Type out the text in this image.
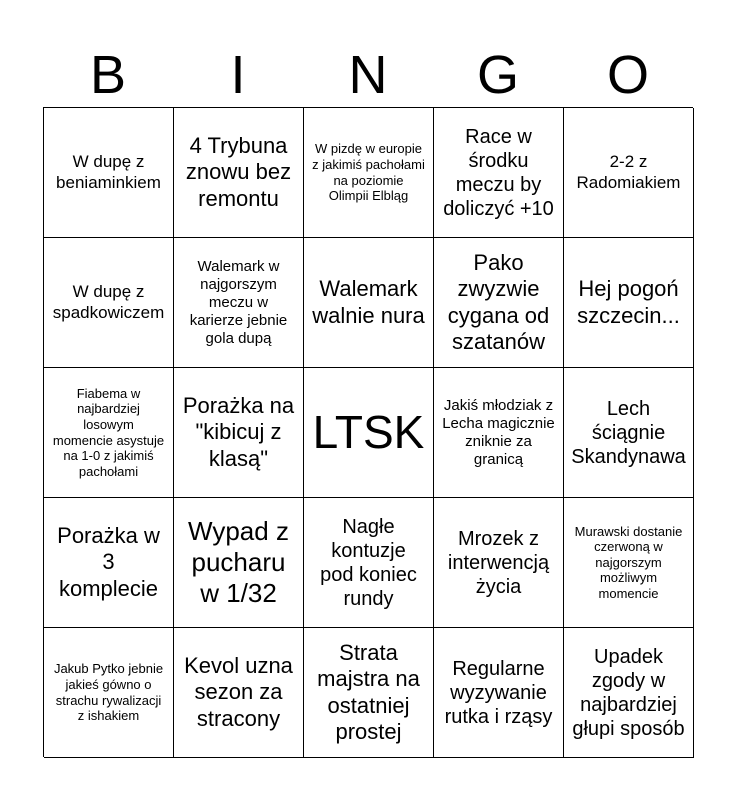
B	I	N	G	O
W dupę z beniaminkiem
4 Trybuna znowu bez remontu
W pizdę w europie z jakimiś pachołami na poziomie Olimpii Elbląg
Race w środku meczu by doliczyć +10
2-2 z Radomiakiem
W dupę z spadkowiczem
Walemark w najgorszym meczu w karierze jebnie gola dupą
Walemark walnie nura
Pako zwyzwie cygana od szatanów
Hej pogoń szczecin...
Fiabema w najbardziej losowym momencie asystuje na 1-0 z jakimiś pachołami
Porażka na "kibicuj z klasą"
LTSK
Jakiś młodziak z Lecha magicznie zniknie za granicą
Lech ściągnie Skandynawa
Porażka w 3 komplecie
Wypad z pucharu w 1/32
Nagłe kontuzje pod koniec rundy
Mrozek z interwencją życia
Murawski dostanie czerwoną w najgorszym możliwym momencie
Jakub Pytko jebnie jakieś gówno o strachu rywalizacji z ishakiem
Kevol uzna sezon za stracony
Strata majstra na ostatniej prostej
Regularne wyzywanie rutka i rząsy
Upadek zgody w najbardziej głupi sposób
